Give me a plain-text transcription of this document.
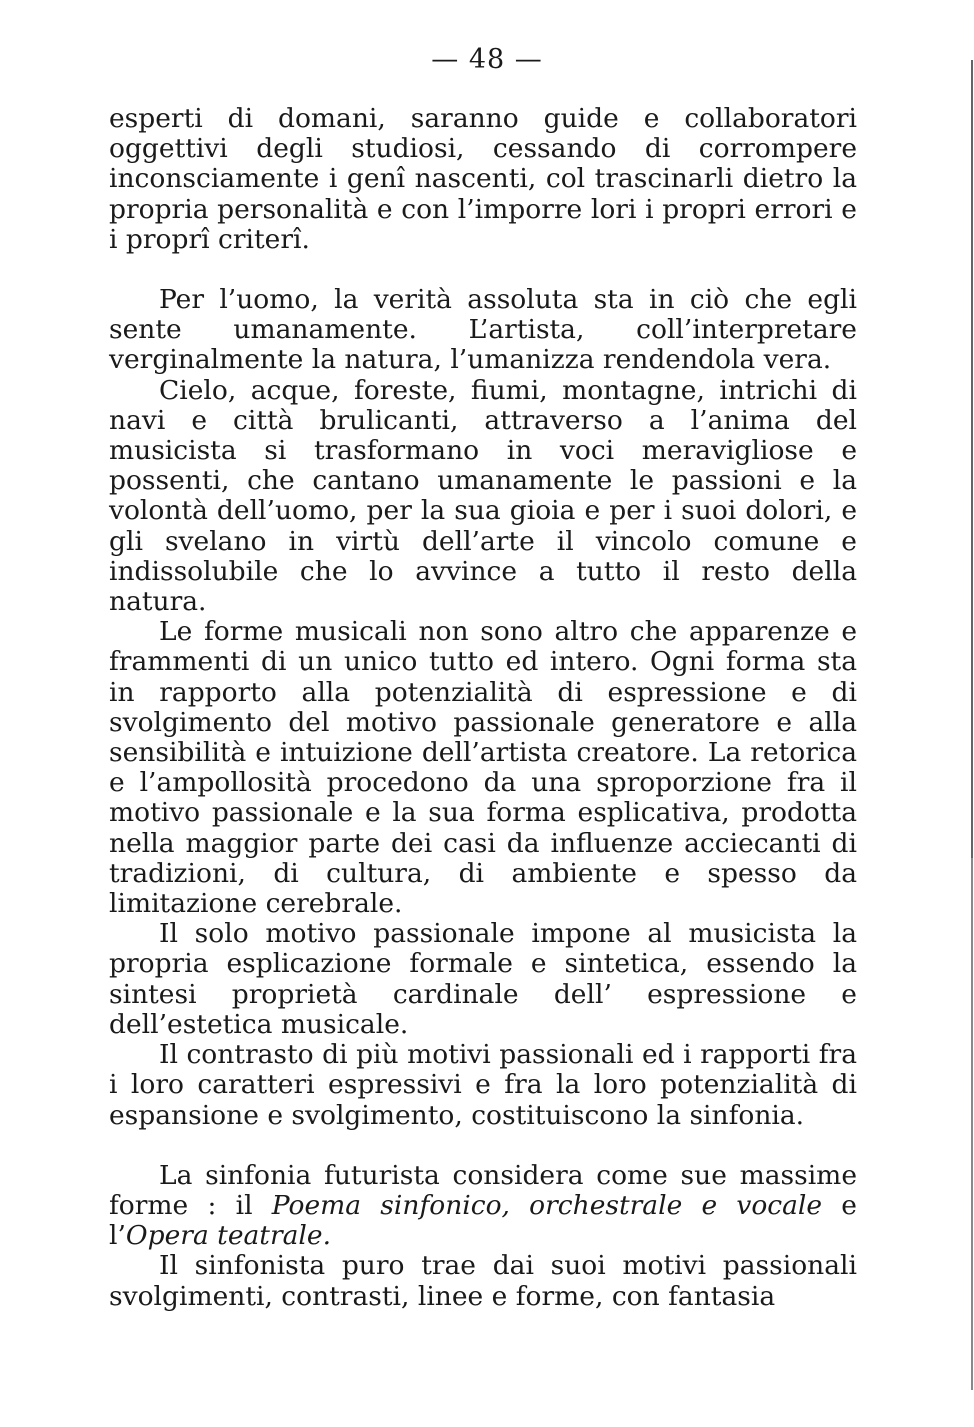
— 48 —

esperti di domani, saranno guide e collaboratori oggettivi degli studiosi, cessando di corrompere inconsciamente i genî nascenti, col trascinarli dietro la propria personalità e con l’imporre lori i propri errori e i proprî criterî.

Per l’uomo, la verità assoluta sta in ciò che egli sente umanamente. L’artista, coll’interpretare verginalmente la natura, l’umanizza rendendola vera.

Cielo, acque, foreste, fiumi, montagne, intrichi di navi e città brulicanti, attraverso a l’anima del musicista si trasformano in voci meravigliose e possenti, che cantano umanamente le passioni e la volontà dell’uomo, per la sua gioia e per i suoi dolori, e gli svelano in virtù dell’arte il vincolo comune e indissolubile che lo avvince a tutto il resto della natura.

Le forme musicali non sono altro che apparenze e frammenti di un unico tutto ed intero. Ogni forma sta in rapporto alla potenzialità di espressione e di svolgimento del motivo passionale generatore e alla sensibilità e intuizione dell’artista creatore. La retorica e l’ampollosità procedono da una sproporzione fra il motivo passionale e la sua forma esplicativa, prodotta nella maggior parte dei casi da influenze acciecanti di tradizioni, di cultura, di ambiente e spesso da limitazione cerebrale.

Il solo motivo passionale impone al musicista la propria esplicazione formale e sintetica, essendo la sintesi proprietà cardinale dell’ espressione e dell’estetica musicale.

Il contrasto di più motivi passionali ed i rapporti fra i loro caratteri espressivi e fra la loro potenzialità di espansione e svolgimento, costituiscono la sinfonia.

La sinfonia futurista considera come sue massime forme : il Poema sinfonico, orchestrale e vocale e l’Opera teatrale.

Il sinfonista puro trae dai suoi motivi passionali svolgimenti, contrasti, linee e forme, con fantasia
